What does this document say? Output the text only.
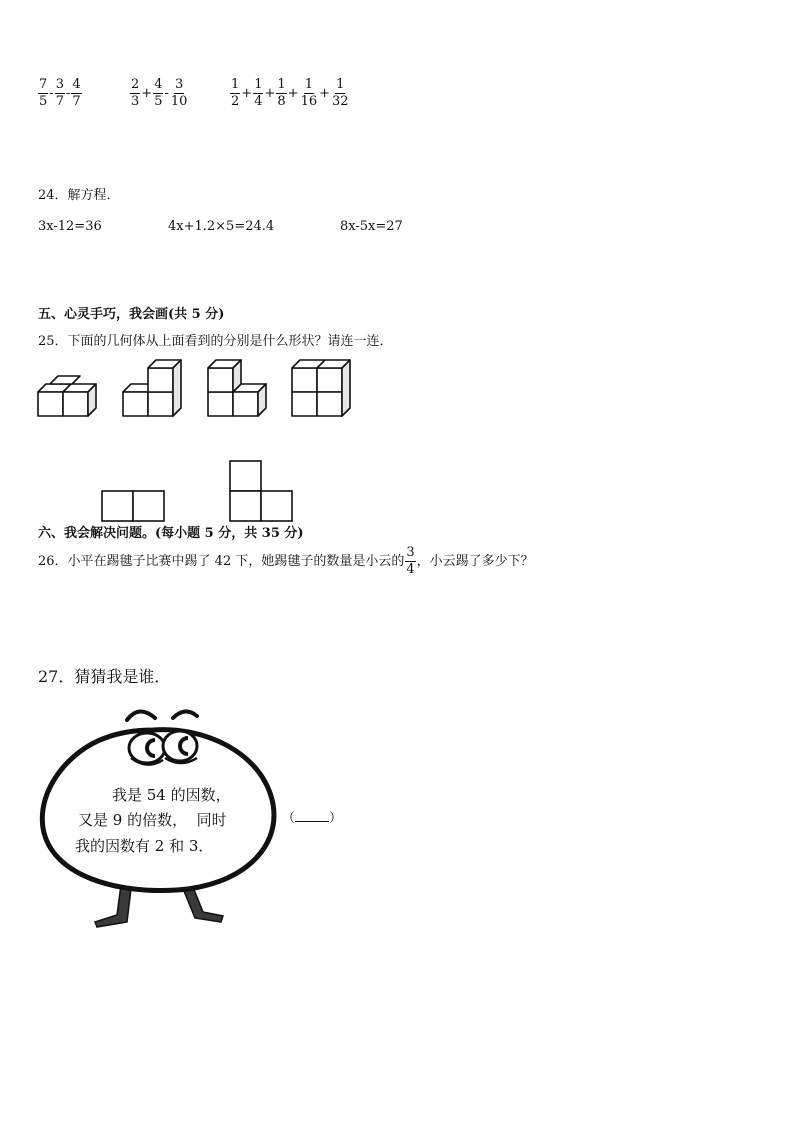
$\frac{7}{5} - \frac{3}{7} - \frac{4}{7}$	$\frac{2}{3} + \frac{4}{5} - \frac{3}{10}$	$\frac{1}{2} + \frac{1}{4} + \frac{1}{8} + \frac{1}{16} + \frac{1}{32}$
24．解方程．
3x-12=36	4x+1.2×5=24.4	8x-5x=27
五、心灵手巧，我会画(共 5 分)
25．下面的几何体从上面看到的分别是什么形状？请连一连．
六、我会解决问题。(每小题 5 分，共 35 分)
26．小平在踢毽子比赛中踢了 42 下，她踢毽子的数量是小云的 $\frac{3}{4}$ ，小云踢了多少下？
27．猜猜我是谁．
我是 54 的因数，
又是 9 的倍数，  同时
我的因数有 2 和 3．
（	）
